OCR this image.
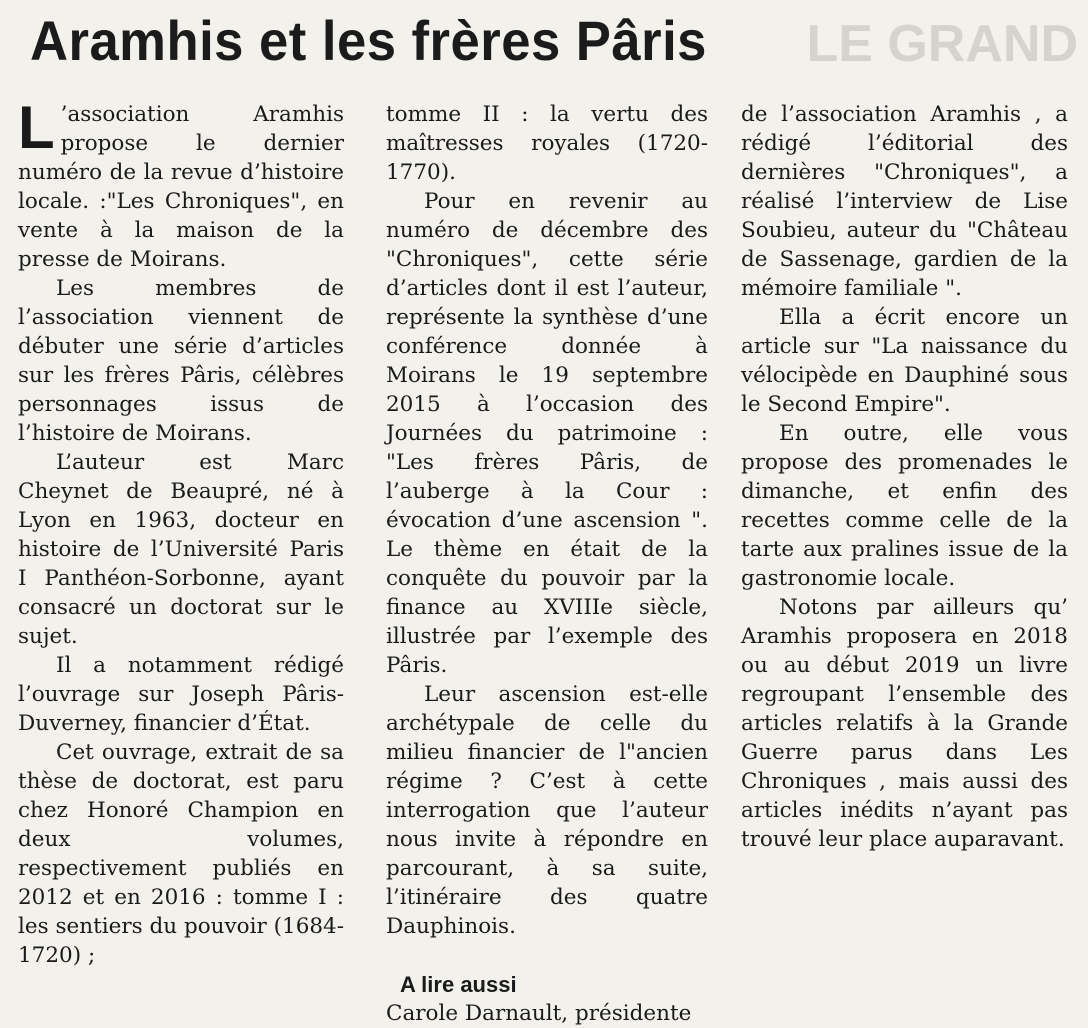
LE GRAND
Aramhis et les frères Pâris

L ’association Aramhis propose le dernier numéro de la revue d’histoire locale. :"Les Chroniques", en vente à la maison de la presse de Moirans.

Les membres de l’association viennent de débuter une série d’articles sur les frères Pâris, célèbres personnages issus de l’histoire de Moirans.

L’auteur est Marc Cheynet de Beaupré, né à Lyon en 1963, docteur en histoire de l’Université Paris I Panthéon-Sorbonne, ayant consacré un doctorat sur le sujet.

Il a notamment rédigé l’ouvrage sur Joseph Pâris-Duverney, financier d’État.

Cet ouvrage, extrait de sa thèse de doctorat, est paru chez Honoré Champion en deux volumes, respectivement publiés en 2012 et en 2016 : tomme I : les sentiers du pouvoir (1684-1720) ;

tomme II : la vertu des maîtresses royales (1720-1770).

Pour en revenir au numéro de décembre des "Chroniques", cette série d’articles dont il est l’auteur, représente la synthèse d’une conférence donnée à Moirans le 19 septembre 2015 à l’occasion des Journées du patrimoine : "Les frères Pâris, de l’auberge à la Cour : évocation d’une ascension ". Le thème en était de la conquête du pouvoir par la finance au XVIIIe siècle, illustrée par l’exemple des Pâris.

Leur ascension est-elle archétypale de celle du milieu financier de l"ancien régime ? C’est à cette interrogation que l’auteur nous invite à répondre en parcourant, à sa suite, l’itinéraire des quatre Dauphinois.

A lire aussi

Carole Darnault, présidente

de l’association Aramhis , a rédigé l’éditorial des dernières "Chroniques", a réalisé l’interview de Lise Soubieu, auteur du "Château de Sassenage, gardien de la mémoire familiale ".

Ella a écrit encore un article sur "La naissance du vélocipède en Dauphiné sous le Second Empire".

En outre, elle vous propose des promenades le dimanche, et enfin des recettes comme celle de la tarte aux pralines issue de la gastronomie locale.

Notons par ailleurs qu’ Aramhis proposera en 2018 ou au début 2019 un livre regroupant l’ensemble des articles relatifs à la Grande Guerre parus dans Les Chroniques , mais aussi des articles inédits n’ayant pas trouvé leur place auparavant.
